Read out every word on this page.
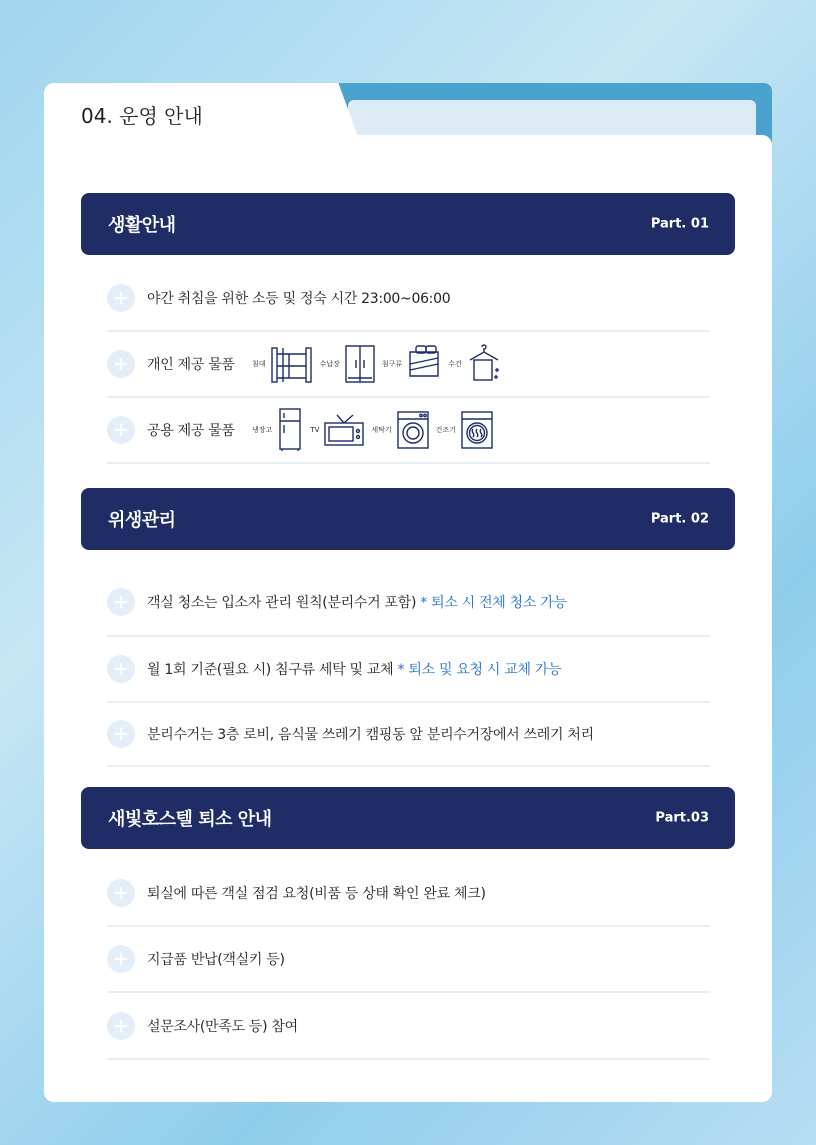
04. 운영 안내
생활안내	Part. 01
야간 취침을 위한 소등 및 정숙 시간 23:00~06:00
개인 제공 물품 침대	수납장	침구류	수건
공용 제공 물품 냉장고	TV	세탁기	건조기
위생관리	Part. 02
객실 청소는 입소자 관리 원칙(분리수거 포함) * 퇴소 시 전체 청소 가능
월 1회 기준(필요 시) 침구류 세탁 및 교체 * 퇴소 및 요청 시 교체 가능
분리수거는 3층 로비, 음식물 쓰레기 캠핑동 앞 분리수거장에서 쓰레기 처리
새빛호스텔 퇴소 안내	Part.03
퇴실에 따른 객실 점검 요청(비품 등 상태 확인 완료 체크)
지급품 반납(객실키 등)
설문조사(만족도 등) 참여
